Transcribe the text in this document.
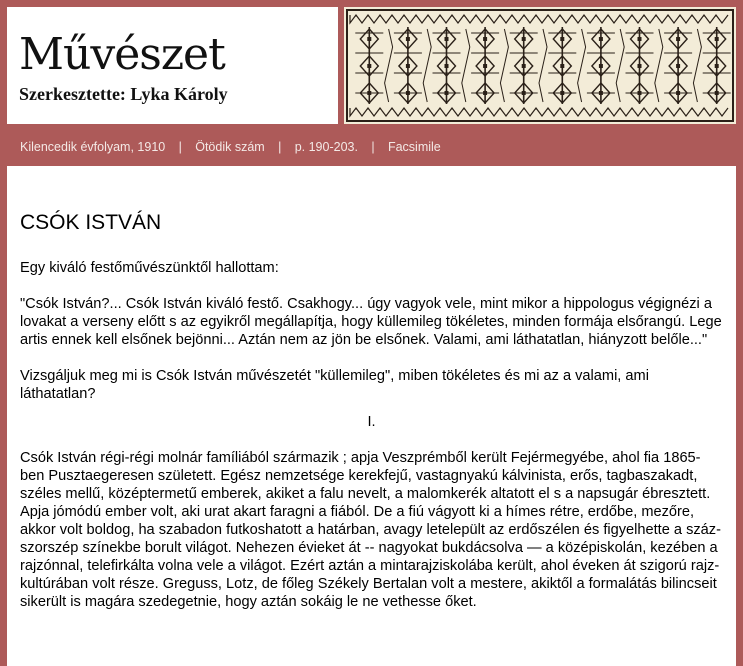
Művészet
Szerkesztette: Lyka Károly
Kilencedik évfolyam, 1910	|	Ötödik szám	|	p. 190-203.	|	Facsimile
CSÓK ISTVÁN

Egy kiváló festőművészünktől hallottam:

"Csók István?... Csók István kiváló festő. Csakhogy... úgy vagyok vele, mint mikor a hippologus végignézi a lovakat a verseny előtt s az egyikről megállapítja, hogy küllemileg tökéletes, minden formája elsőrangú. Lege artis ennek kell elsőnek bejönni... Aztán nem az jön be elsőnek. Valami, ami láthatatlan, hiányzott belőle..."

Vizsgáljuk meg mi is Csók István művészetét "küllemileg", miben tökéletes és mi az a valami, ami láthatatlan?

I.

Csók István régi-régi molnár famíliából származik ; apja Veszprémből került Fejérmegyébe, ahol fia 1865-ben Pusztaegeresen született. Egész nemzetsége kerekfejű, vastagnyakú kálvinista, erős, tagbaszakadt, széles mellű, középtermetű emberek, akiket a falu nevelt, a malomkerék altatott el s a napsugár ébresztett. Apja jómódú ember volt, aki urat akart faragni a fiából. De a fiú vágyott ki a hímes rétre, erdőbe, mezőre, akkor volt boldog, ha szabadon futkoshatott a határban, avagy letelepült az erdőszélen és figyelhette a száz-szorszép színekbe borult világot. Nehezen évieket át -- nagyokat bukdácsolva — a középiskolán, kezében a rajzónnal, telefirkálta volna vele a világot. Ezért aztán a mintarajziskolába került, ahol éveken át szigorú rajz-kultúrában volt része. Greguss, Lotz, de főleg Székely Bertalan volt a mestere, akiktől a formalátás bilincseit sikerült is magára szedegetnie, hogy aztán sokáig le ne vethesse őket.
